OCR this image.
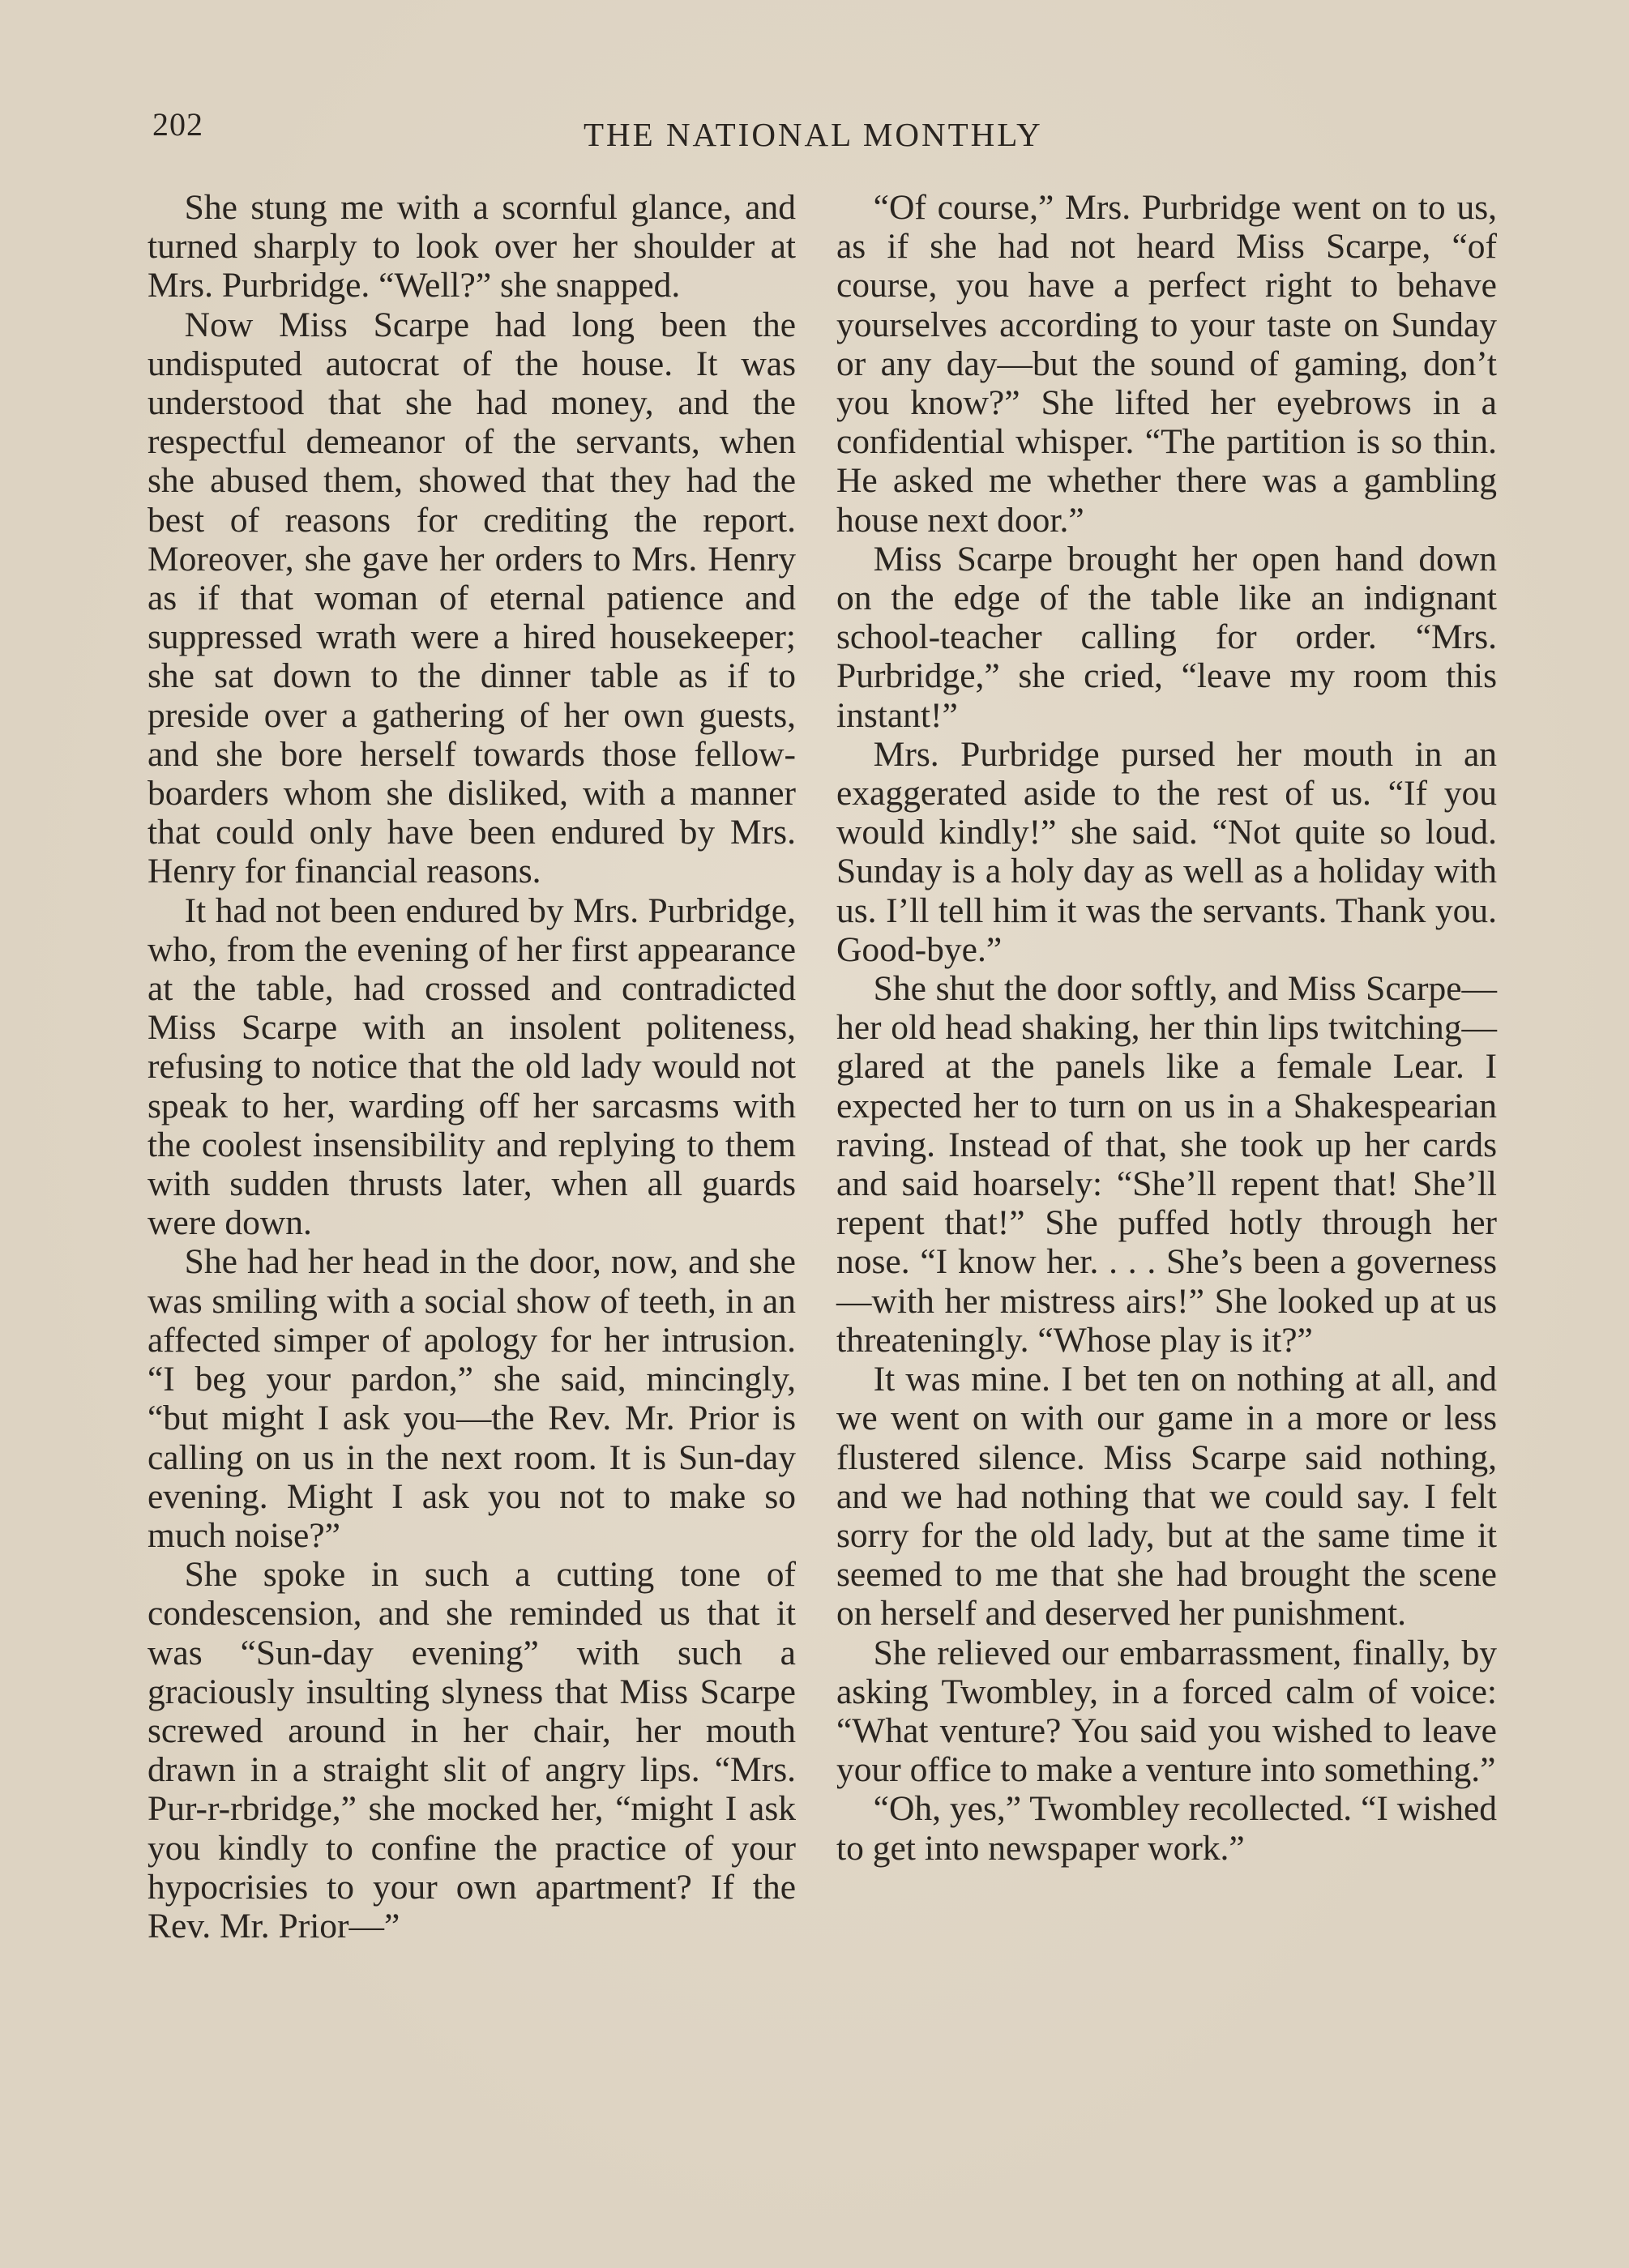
202	THE NATIONAL MONTHLY

She stung me with a scornful glance, and turned sharply to look over her shoulder at Mrs. Purbridge. “Well?” she snapped.

Now Miss Scarpe had long been the undisputed autocrat of the house. It was understood that she had money, and the respectful demeanor of the servants, when she abused them, showed that they had the best of reasons for crediting the report. Moreover, she gave her orders to Mrs. Henry as if that woman of eternal patience and suppressed wrath were a hired housekeeper; she sat down to the dinner table as if to preside over a gathering of her own guests, and she bore herself towards those fellow-boarders whom she disliked, with a manner that could only have been endured by Mrs. Henry for financial reasons.

It had not been endured by Mrs. Purbridge, who, from the evening of her first appearance at the table, had crossed and contradicted Miss Scarpe with an insolent politeness, refusing to notice that the old lady would not speak to her, warding off her sarcasms with the coolest insensibility and replying to them with sudden thrusts later, when all guards were down.

She had her head in the door, now, and she was smiling with a social show of teeth, in an affected simper of apology for her intrusion. “I beg your pardon,” she said, mincingly, “but might I ask you—the Rev. Mr. Prior is calling on us in the next room. It is Sun-day evening. Might I ask you not to make so much noise?”

She spoke in such a cutting tone of condescension, and she reminded us that it was “Sun-day evening” with such a graciously insulting slyness that Miss Scarpe screwed around in her chair, her mouth drawn in a straight slit of angry lips. “Mrs. Pur-r-rbridge,” she mocked her, “might I ask you kindly to confine the practice of your hypocrisies to your own apartment? If the Rev. Mr. Prior—”

“Of course,” Mrs. Purbridge went on to us, as if she had not heard Miss Scarpe, “of course, you have a perfect right to behave yourselves according to your taste on Sunday or any day—but the sound of gaming, don’t you know?” She lifted her eyebrows in a confidential whisper. “The partition is so thin. He asked me whether there was a gambling house next door.”

Miss Scarpe brought her open hand down on the edge of the table like an indignant school-teacher calling for order. “Mrs. Purbridge,” she cried, “leave my room this instant!”

Mrs. Purbridge pursed her mouth in an exaggerated aside to the rest of us. “If you would kindly!” she said. “Not quite so loud. Sunday is a holy day as well as a holiday with us. I’ll tell him it was the servants. Thank you. Good-bye.”

She shut the door softly, and Miss Scarpe—her old head shaking, her thin lips twitching—glared at the panels like a female Lear. I expected her to turn on us in a Shakespearian raving. Instead of that, she took up her cards and said hoarsely: “She’ll repent that! She’ll repent that!” She puffed hotly through her nose. “I know her. . . . She’s been a governess—with her mistress airs!” She looked up at us threateningly. “Whose play is it?”

It was mine. I bet ten on nothing at all, and we went on with our game in a more or less flustered silence. Miss Scarpe said nothing, and we had nothing that we could say. I felt sorry for the old lady, but at the same time it seemed to me that she had brought the scene on herself and deserved her punishment.

She relieved our embarrassment, finally, by asking Twombley, in a forced calm of voice: “What venture? You said you wished to leave your office to make a venture into something.”

“Oh, yes,” Twombley recollected. “I wished to get into newspaper work.”
